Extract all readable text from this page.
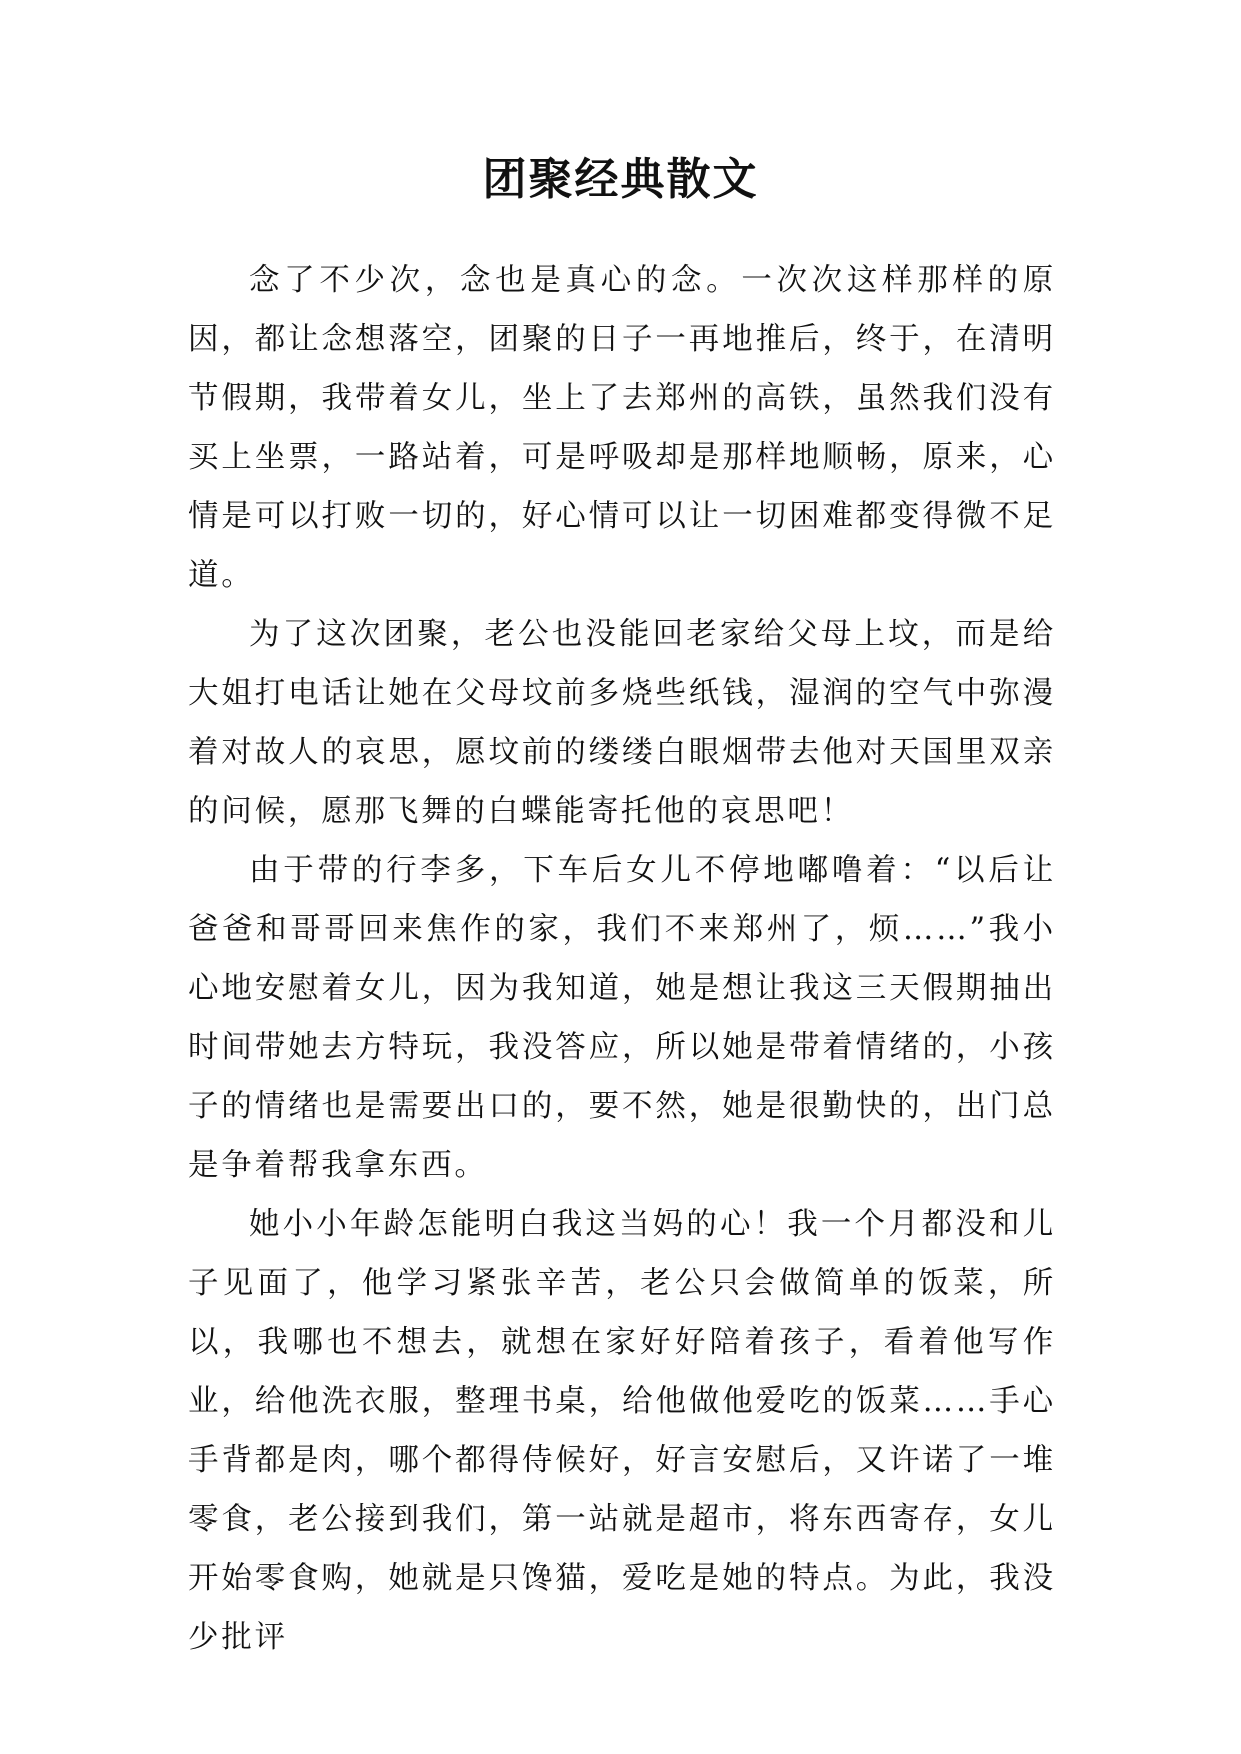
团聚经典散文

念了不少次，念也是真心的念。一次次这样那样的原因，都让念想落空，团聚的日子一再地推后，终于，在清明节假期，我带着女儿，坐上了去郑州的高铁，虽然我们没有买上坐票，一路站着，可是呼吸却是那样地顺畅，原来，心情是可以打败一切的，好心情可以让一切困难都变得微不足道。

为了这次团聚，老公也没能回老家给父母上坟，而是给大姐打电话让她在父母坟前多烧些纸钱，湿润的空气中弥漫着对故人的哀思，愿坟前的缕缕白眼烟带去他对天国里双亲的问候，愿那飞舞的白蝶能寄托他的哀思吧！

由于带的行李多，下车后女儿不停地嘟噜着：“以后让爸爸和哥哥回来焦作的家，我们不来郑州了，烦……”我小心地安慰着女儿，因为我知道，她是想让我这三天假期抽出时间带她去方特玩，我没答应，所以她是带着情绪的，小孩子的情绪也是需要出口的，要不然，她是很勤快的，出门总是争着帮我拿东西。

她小小年龄怎能明白我这当妈的心！我一个月都没和儿子见面了，他学习紧张辛苦，老公只会做简单的饭菜，所以，我哪也不想去，就想在家好好陪着孩子，看着他写作业，给他洗衣服，整理书桌，给他做他爱吃的饭菜……手心手背都是肉，哪个都得侍候好，好言安慰后，又许诺了一堆零食，老公接到我们，第一站就是超市，将东西寄存，女儿开始零食购，她就是只馋猫，爱吃是她的特点。为此，我没少批评
